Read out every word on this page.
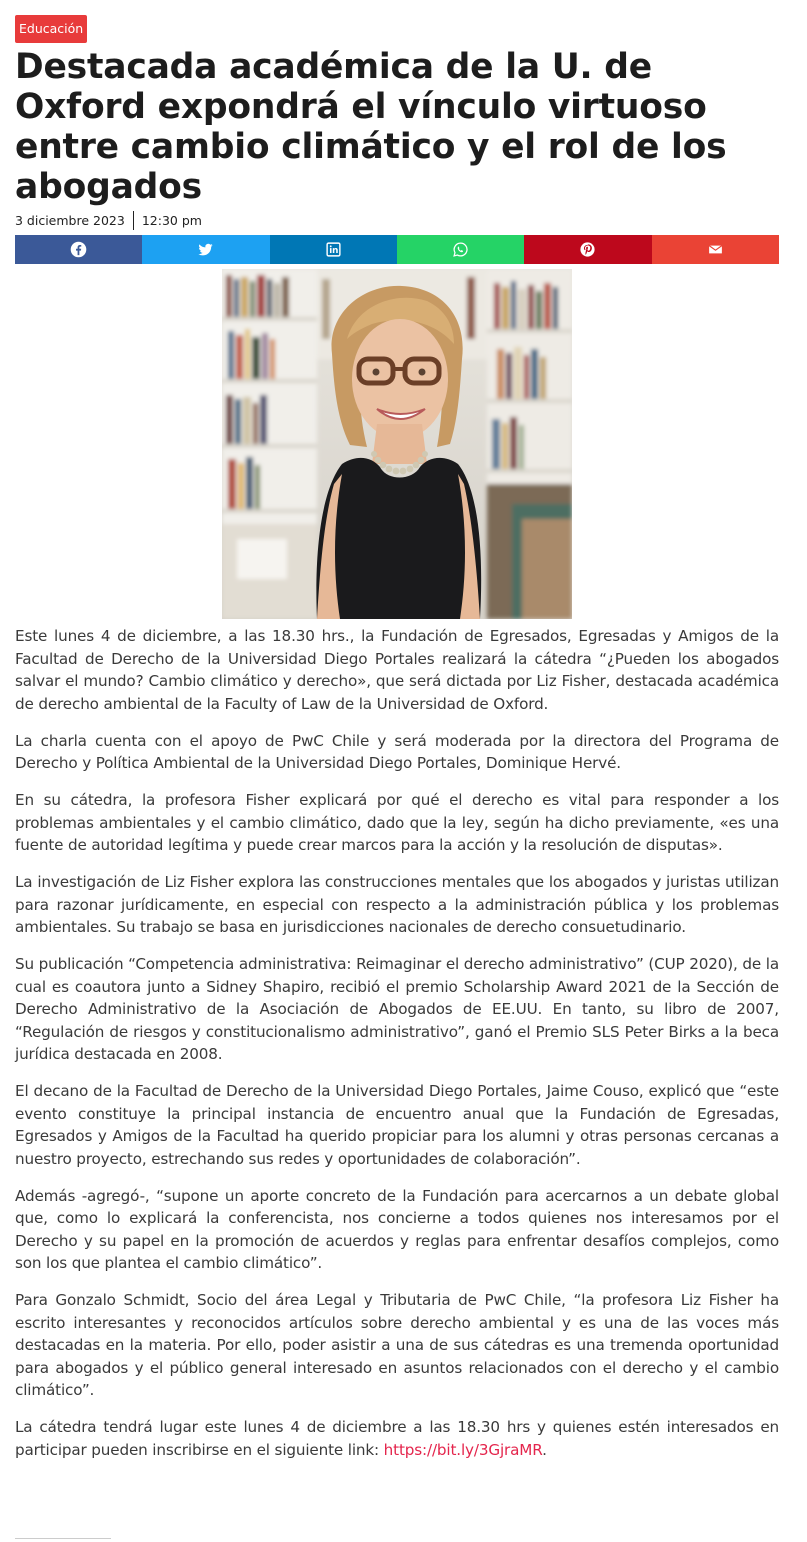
Educación
Destacada académica de la U. de Oxford expondrá el vínculo virtuoso entre cambio climático y el rol de los abogados
3 diciembre 2023 12:30 pm

Este lunes 4 de diciembre, a las 18.30 hrs., la Fundación de Egresados, Egresadas y Amigos de la Facultad de Derecho de la Universidad Diego Portales realizará la cátedra “¿Pueden los abogados salvar el mundo? Cambio climático y derecho», que será dictada por Liz Fisher, destacada académica de derecho ambiental de la Faculty of Law de la Universidad de Oxford.

La charla cuenta con el apoyo de PwC Chile y será moderada por la directora del Programa de Derecho y Política Ambiental de la Universidad Diego Portales, Dominique Hervé.

En su cátedra, la profesora Fisher explicará por qué el derecho es vital para responder a los problemas ambientales y el cambio climático, dado que la ley, según ha dicho previamente, «es una fuente de autoridad legítima y puede crear marcos para la acción y la resolución de disputas».

La investigación de Liz Fisher explora las construcciones mentales que los abogados y juristas utilizan para razonar jurídicamente, en especial con respecto a la administración pública y los problemas ambientales. Su trabajo se basa en jurisdicciones nacionales de derecho consuetudinario.

Su publicación “Competencia administrativa: Reimaginar el derecho administrativo” (CUP 2020), de la cual es coautora junto a Sidney Shapiro, recibió el premio Scholarship Award 2021 de la Sección de Derecho Administrativo de la Asociación de Abogados de EE.UU. En tanto, su libro de 2007, “Regulación de riesgos y constitucionalismo administrativo”, ganó el Premio SLS Peter Birks a la beca jurídica destacada en 2008.

El decano de la Facultad de Derecho de la Universidad Diego Portales, Jaime Couso, explicó que “este evento constituye la principal instancia de encuentro anual que la Fundación de Egresadas, Egresados y Amigos de la Facultad ha querido propiciar para los alumni y otras personas cercanas a nuestro proyecto, estrechando sus redes y oportunidades de colaboración”.

Además -agregó-, “supone un aporte concreto de la Fundación para acercarnos a un debate global que, como lo explicará la conferencista, nos concierne a todos quienes nos interesamos por el Derecho y su papel en la promoción de acuerdos y reglas para enfrentar desafíos complejos, como son los que plantea el cambio climático”.

Para Gonzalo Schmidt, Socio del área Legal y Tributaria de PwC Chile, “la profesora Liz Fisher ha escrito interesantes y reconocidos artículos sobre derecho ambiental y es una de las voces más destacadas en la materia. Por ello, poder asistir a una de sus cátedras es una tremenda oportunidad para abogados y el público general interesado en asuntos relacionados con el derecho y el cambio climático”.

La cátedra tendrá lugar este lunes 4 de diciembre a las 18.30 hrs y quienes estén interesados en participar pueden inscribirse en el siguiente link: https://bit.ly/3GjraMR.
